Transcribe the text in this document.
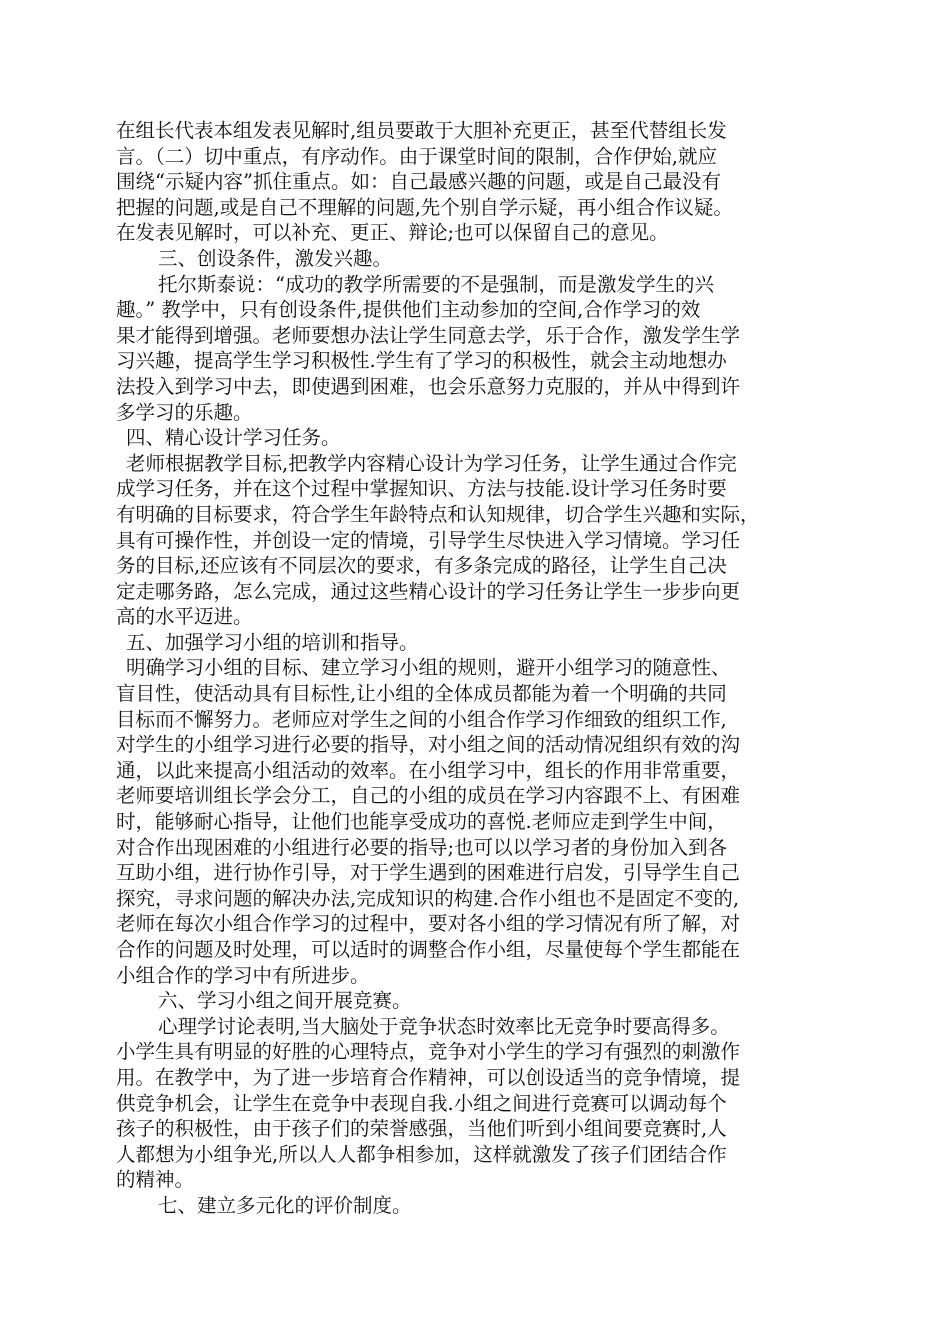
在组长代表本组发表见解时,组员要敢于大胆补充更正，甚至代替组长发
言。（二）切中重点，有序动作。由于课堂时间的限制，合作伊始,就应
围绕“示疑内容”抓住重点。如：自己最感兴趣的问题，或是自己最没有
把握的问题,或是自己不理解的问题,先个别自学示疑，再小组合作议疑。
在发表见解时，可以补充、更正、辩论;也可以保留自己的意见。
三、创设条件，激发兴趣。
托尔斯泰说：“成功的教学所需要的不是强制，而是激发学生的兴
趣。” 教学中，只有创设条件,提供他们主动参加的空间,合作学习的效
果才能得到增强。老师要想办法让学生同意去学，乐于合作，激发学生学
习兴趣，提高学生学习积极性.学生有了学习的积极性，就会主动地想办
法投入到学习中去，即使遇到困难，也会乐意努力克服的，并从中得到许
多学习的乐趣。
四、精心设计学习任务。
老师根据教学目标,把教学内容精心设计为学习任务，让学生通过合作完
成学习任务，并在这个过程中掌握知识、方法与技能.设计学习任务时要
有明确的目标要求，符合学生年龄特点和认知规律，切合学生兴趣和实际，
具有可操作性，并创设一定的情境，引导学生尽快进入学习情境。学习任
务的目标,还应该有不同层次的要求，有多条完成的路径，让学生自己决
定走哪务路，怎么完成，通过这些精心设计的学习任务让学生一步步向更
高的水平迈进。
五、加强学习小组的培训和指导。
明确学习小组的目标、建立学习小组的规则，避开小组学习的随意性、
盲目性，使活动具有目标性,让小组的全体成员都能为着一个明确的共同
目标而不懈努力。老师应对学生之间的小组合作学习作细致的组织工作,
对学生的小组学习进行必要的指导，对小组之间的活动情况组织有效的沟
通，以此来提高小组活动的效率。在小组学习中，组长的作用非常重要，
老师要培训组长学会分工，自己的小组的成员在学习内容跟不上、有困难
时，能够耐心指导，让他们也能享受成功的喜悦.老师应走到学生中间，
对合作出现困难的小组进行必要的指导;也可以以学习者的身份加入到各
互助小组，进行协作引导，对于学生遇到的困难进行启发，引导学生自己
探究，寻求问题的解决办法,完成知识的构建.合作小组也不是固定不变的,
老师在每次小组合作学习的过程中，要对各小组的学习情况有所了解，对
合作的问题及时处理，可以适时的调整合作小组，尽量使每个学生都能在
小组合作的学习中有所进步。
六、学习小组之间开展竞赛。
心理学讨论表明,当大脑处于竞争状态时效率比无竞争时要高得多。
小学生具有明显的好胜的心理特点，竞争对小学生的学习有强烈的刺激作
用。在教学中，为了进一步培育合作精神，可以创设适当的竞争情境，提
供竞争机会，让学生在竞争中表现自我.小组之间进行竞赛可以调动每个
孩子的积极性，由于孩子们的荣誉感强，当他们听到小组间要竞赛时,人
人都想为小组争光,所以人人都争相参加，这样就激发了孩子们团结合作
的精神。
七、建立多元化的评价制度。
